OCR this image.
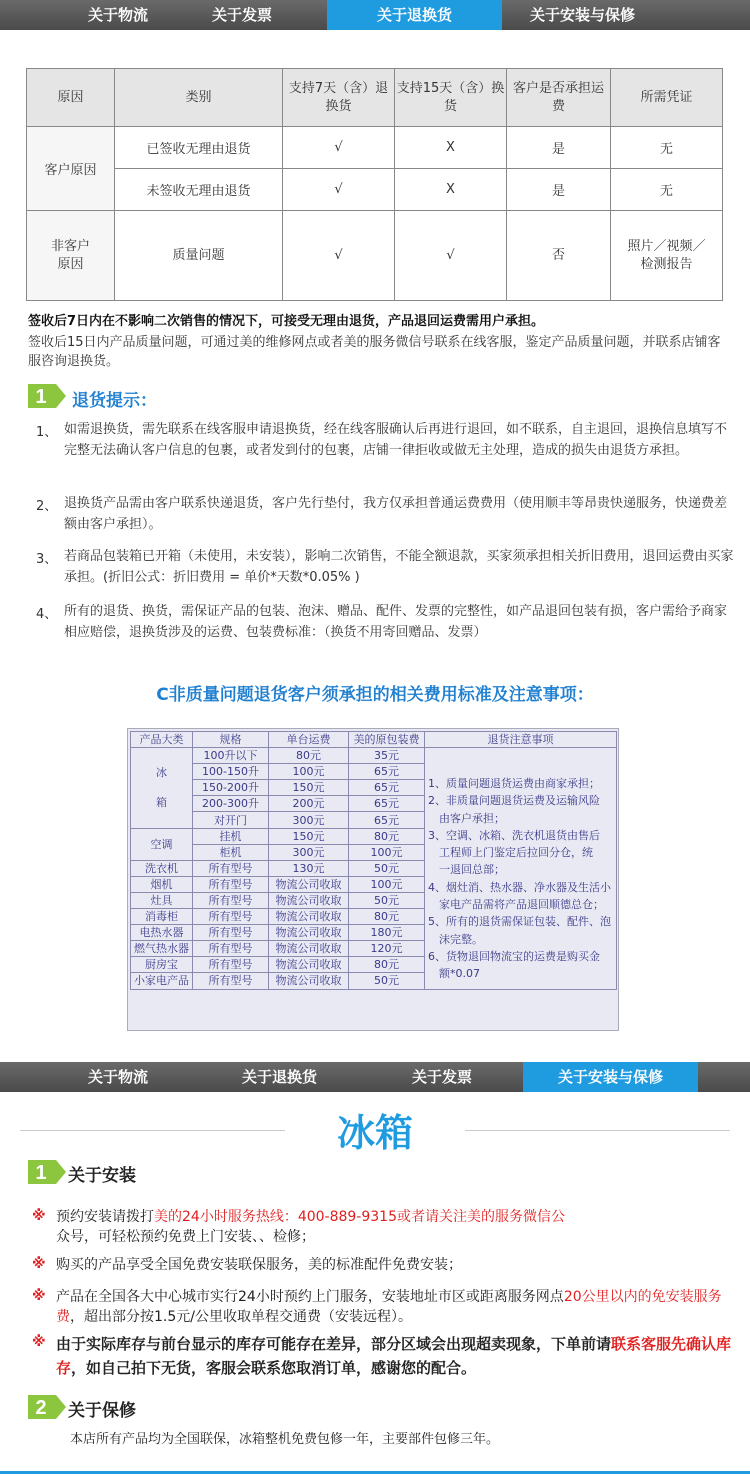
关于物流	关于发票	关于退换货	关于安装与保修
原因	类别	支持7天（含）退换货	支持15天（含）换货	客户是否承担运费	所需凭证
客户原因	已签收无理由退货	√	X	是	无
	未签收无理由退货	√	X	是	无

非客户原因	质量问题	√	√	否	照片／视频／检测报告
签收后7日内在不影响二次销售的情况下，可接受无理由退货，产品退回运费需用户承担。
签收后15日内产品质量问题，可通过美的维修网点或者美的服务微信号联系在线客服，鉴定产品质量问题，并联系店铺客服咨询退换货。
1 退货提示：
1、 如需退换货，需先联系在线客服申请退换货，经在线客服确认后再进行退回，如不联系，自主退回，退换信息填写不完整无法确认客户信息的包裹，或者发到付的包裹，店铺一律拒收或做无主处理，造成的损失由退货方承担。
2、 退换货产品需由客户联系快递退货，客户先行垫付，我方仅承担普通运费费用（使用顺丰等昂贵快递服务，快递费差额由客户承担）。
3、 若商品包装箱已开箱（未使用，未安装），影响二次销售，不能全额退款，买家须承担相关折旧费用，退回运费由买家承担。(折旧公式：折旧费用 = 单价*天数*0.05% )
4、 所有的退货、换货，需保证产品的包装、泡沫、赠品、配件、发票的完整性，如产品退回包装有损，客户需给予商家相应赔偿，退换货涉及的运费、包装费标准：（换货不用寄回赠品、发票）
C非质量问题退货客户须承担的相关费用标准及注意事项：
产品大类	规格	单台运费	美的原包装费	退货注意事项
冰

箱	100升以下	80元	35元	
	100-150升	100元	65元	
	150-200升	150元	65元	
	200-300升	200元	65元	
	对开门	300元	65元	
空调	挂机	150元	80元	
	柜机	300元	100元	
洗衣机	所有型号	130元	50元	
烟机	所有型号	物流公司收取	100元	
灶具	所有型号	物流公司收取	50元	
消毒柜	所有型号	物流公司收取	80元	
电热水器	所有型号	物流公司收取	180元	
燃气热水器	所有型号	物流公司收取	120元	
厨房宝	所有型号	物流公司收取	80元	
小家电产品	所有型号	物流公司收取	50元	
1、质量问题退货运费由商家承担；
2、非质量问题退货运费及运输风险
　由客户承担；
3、空调、冰箱、洗衣机退货由售后
　工程师上门鉴定后拉回分仓，统
　一退回总部；
4、烟灶消、热水器、净水器及生活小
　家电产品需将产品退回顺德总仓；
5、所有的退货需保证包装、配件、泡
　沫完整。
6、货物退回物流宝的运费是购买金
　额*0.07
关于物流	关于退换货	关于发票	关于安装与保修
冰箱
1 关于安装
※ 预约安装请拨打美的24小时服务热线：400-889-9315或者请关注美的服务微信公
众号，可轻松预约免费上门安装、、检修；
※ 购买的产品享受全国免费安装联保服务，美的标准配件免费安装；
※ 产品在全国各大中心城市实行24小时预约上门服务，安装地址市区或距离服务网点20公里以内的免安装服务费，超出部分按1.5元/公里收取单程交通费（安装远程）。
※ 由于实际库存与前台显示的库存可能存在差异，部分区域会出现超卖现象，下单前请联系客服先确认库存，如自己拍下无货，客服会联系您取消订单，感谢您的配合。
2 关于保修
本店所有产品均为全国联保，冰箱整机免费包修一年，主要部件包修三年。
